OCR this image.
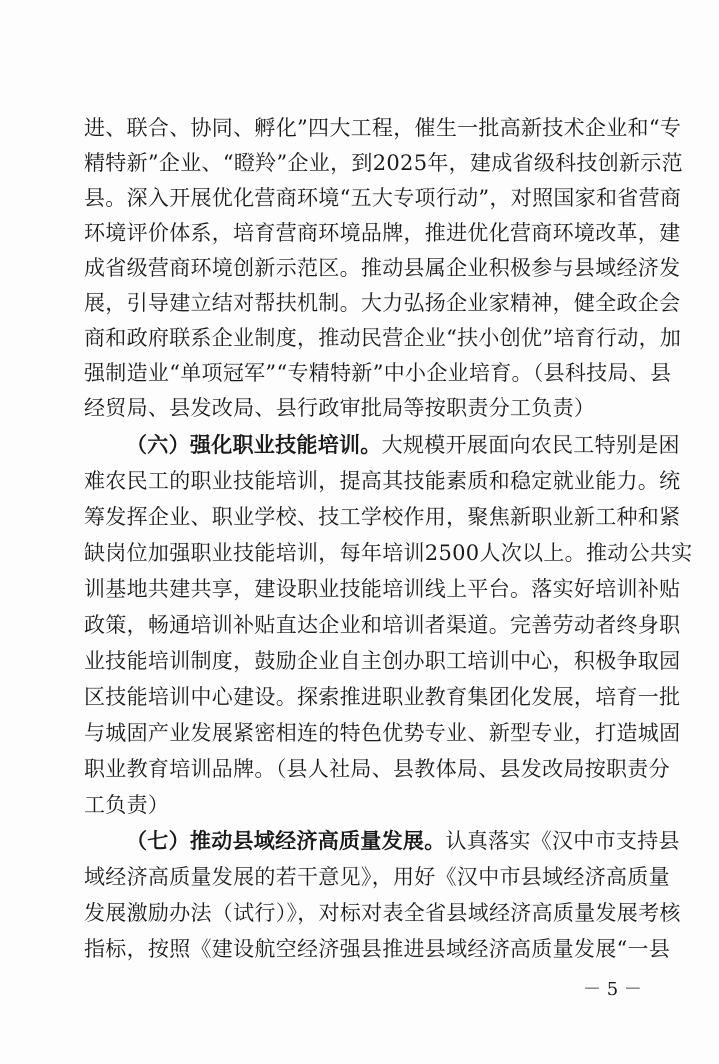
进、联合、协同、孵化”四大工程，催生一批高新技术企业和“专
精特新”企业、“瞪羚”企业，到2025年，建成省级科技创新示范
县。深入开展优化营商环境“五大专项行动”，对照国家和省营商
环境评价体系，培育营商环境品牌，推进优化营商环境改革，建
成省级营商环境创新示范区。推动县属企业积极参与县域经济发
展，引导建立结对帮扶机制。大力弘扬企业家精神，健全政企会
商和政府联系企业制度，推动民营企业“扶小创优”培育行动，加
强制造业“单项冠军”“专精特新”中小企业培育。（县科技局、县
经贸局、县发改局、县行政审批局等按职责分工负责）
（六）强化职业技能培训。大规模开展面向农民工特别是困
难农民工的职业技能培训，提高其技能素质和稳定就业能力。统
筹发挥企业、职业学校、技工学校作用，聚焦新职业新工种和紧
缺岗位加强职业技能培训，每年培训2500人次以上。推动公共实
训基地共建共享，建设职业技能培训线上平台。落实好培训补贴
政策，畅通培训补贴直达企业和培训者渠道。完善劳动者终身职
业技能培训制度，鼓励企业自主创办职工培训中心，积极争取园
区技能培训中心建设。探索推进职业教育集团化发展，培育一批
与城固产业发展紧密相连的特色优势专业、新型专业，打造城固
职业教育培训品牌。（县人社局、县教体局、县发改局按职责分
工负责）
（七）推动县域经济高质量发展。认真落实《汉中市支持县
域经济高质量发展的若干意见》，用好《汉中市县域经济高质量
发展激励办法（试行）》，对标对表全省县域经济高质量发展考核
指标，按照《建设航空经济强县推进县域经济高质量发展“一县
－ 5 －
